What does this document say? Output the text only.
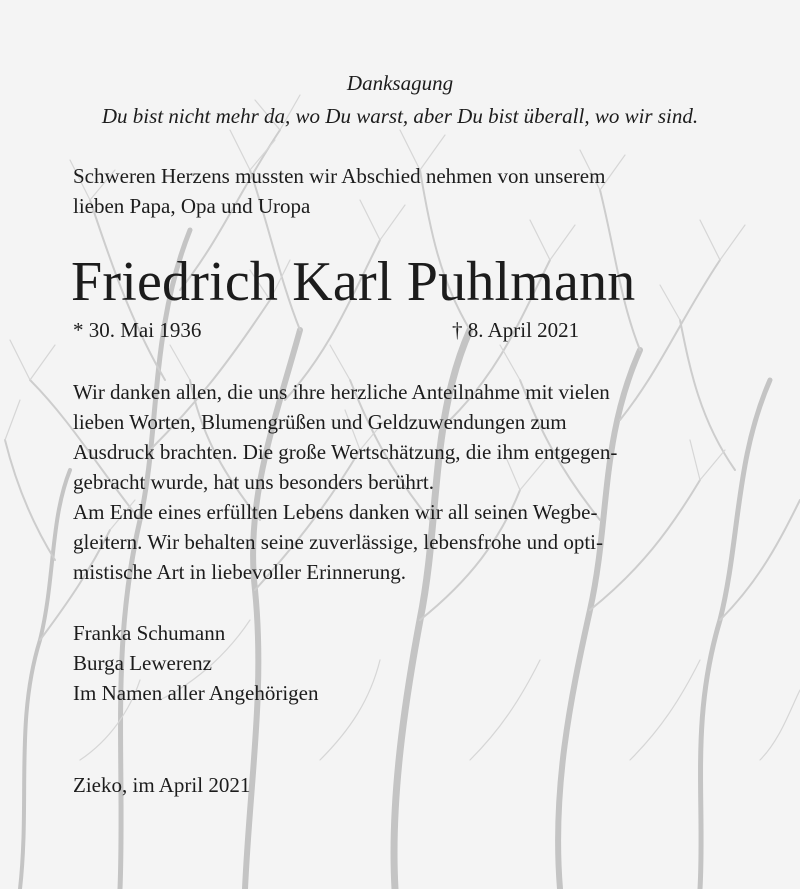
Danksagung
Du bist nicht mehr da, wo Du warst, aber Du bist überall, wo wir sind.
Schweren Herzens mussten wir Abschied nehmen von unserem
lieben Papa, Opa und Uropa
Friedrich Karl Puhlmann
* 30. Mai 1936	† 8. April 2021
Wir danken allen, die uns ihre herzliche Anteilnahme mit vielen
lieben Worten, Blumengrüßen und Geldzuwendungen zum
Ausdruck brachten. Die große Wertschätzung, die ihm entgegen-
gebracht wurde, hat uns besonders berührt.
Am Ende eines erfüllten Lebens danken wir all seinen Wegbe-
gleitern. Wir behalten seine zuverlässige, lebensfrohe und opti-
mistische Art in liebevoller Erinnerung.
Franka Schumann
Burga Lewerenz
Im Namen aller Angehörigen
Zieko, im April 2021
